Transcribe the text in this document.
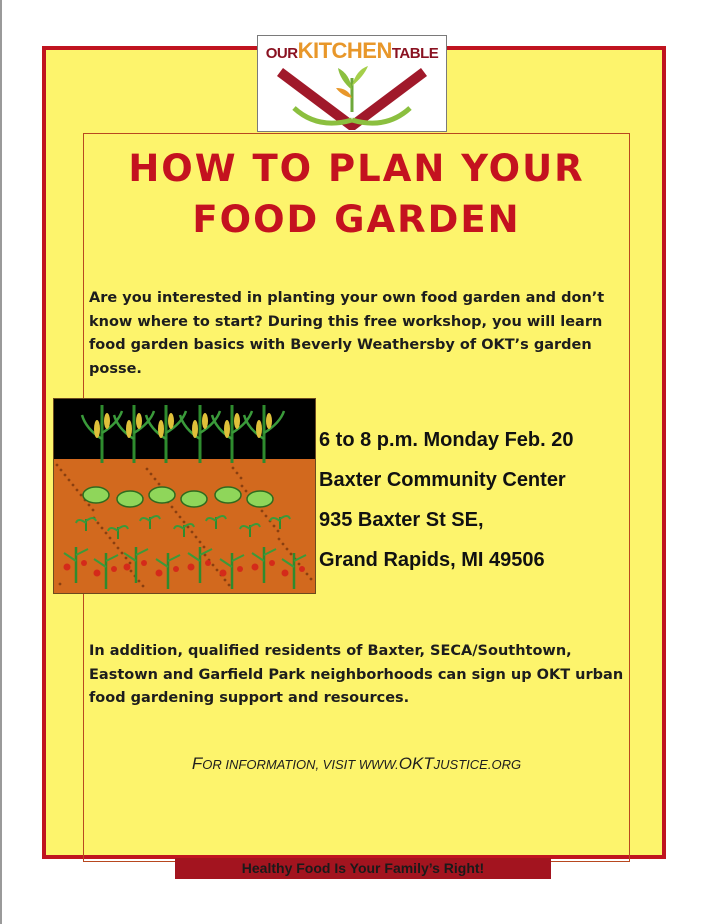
OURKITCHENTABLE
HOW TO PLAN YOUR FOOD GARDEN

Are you interested in planting your own food garden and don’t know where to start? During this free workshop, you will learn food garden basics with Beverly Weathersby of OKT’s garden posse.

6 to 8 p.m. Monday Feb. 20
Baxter Community Center
935 Baxter St SE,
Grand Rapids, MI 49506

In addition, qualified residents of Baxter, SECA/Southtown, Eastown and Garfield Park neighborhoods can sign up OKT urban food gardening support and resources.

FOR INFORMATION, VISIT WWW.OKTJUSTICE.ORG
Healthy Food Is Your Family’s Right!
